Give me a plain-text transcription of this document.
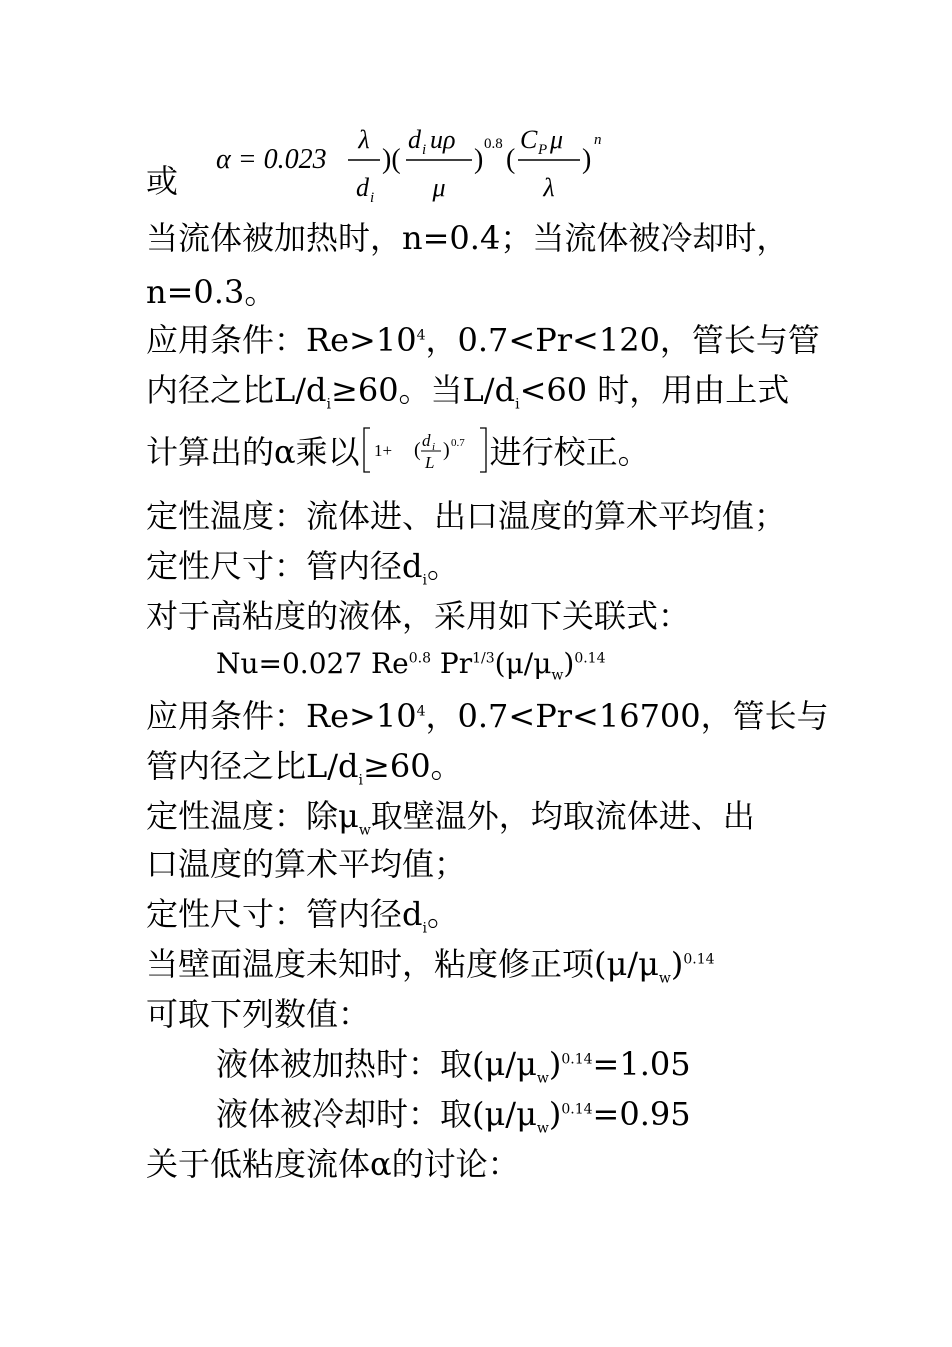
或
α = 0.023
λ
d i
)(
d i uρ
μ
) 0.8 (
C P μ
λ
)
n
当流体被加热时，n=0.4；当流体被冷却时，
n=0.3。
应用条件：$Re>10^4$，0.7<Pr<120，管长与管
内径之比$L/d_i\ge 60$。当$L/d_i<60$ 时，用由上式
计算出的α乘以 1+ ( d i
L
) 0.7 进行校正。
定性温度：流体进、出口温度的算术平均值；
定性尺寸：管内径$d_i$。
对于高粘度的液体，采用如下关联式：
Nu=0.027 $Re^{0.8}$ $Pr^{1/3}(\mu/\mu_w)^{0.14}$
应用条件：$Re>10^4$，0.7<Pr<16700，管长与
管内径之比$L/d_i\ge 60$。
定性温度：除$\mu_w$取壁温外，均取流体进、出
口温度的算术平均值；
定性尺寸：管内径$d_i$。
当壁面温度未知时，粘度修正项$(\mu/\mu_w)^{0.14}$
可取下列数值：
液体被加热时：取$(\mu/\mu_w)^{0.14}=1.05$
液体被冷却时：取$(\mu/\mu_w)^{0.14}=0.95$
关于低粘度流体α的讨论：
